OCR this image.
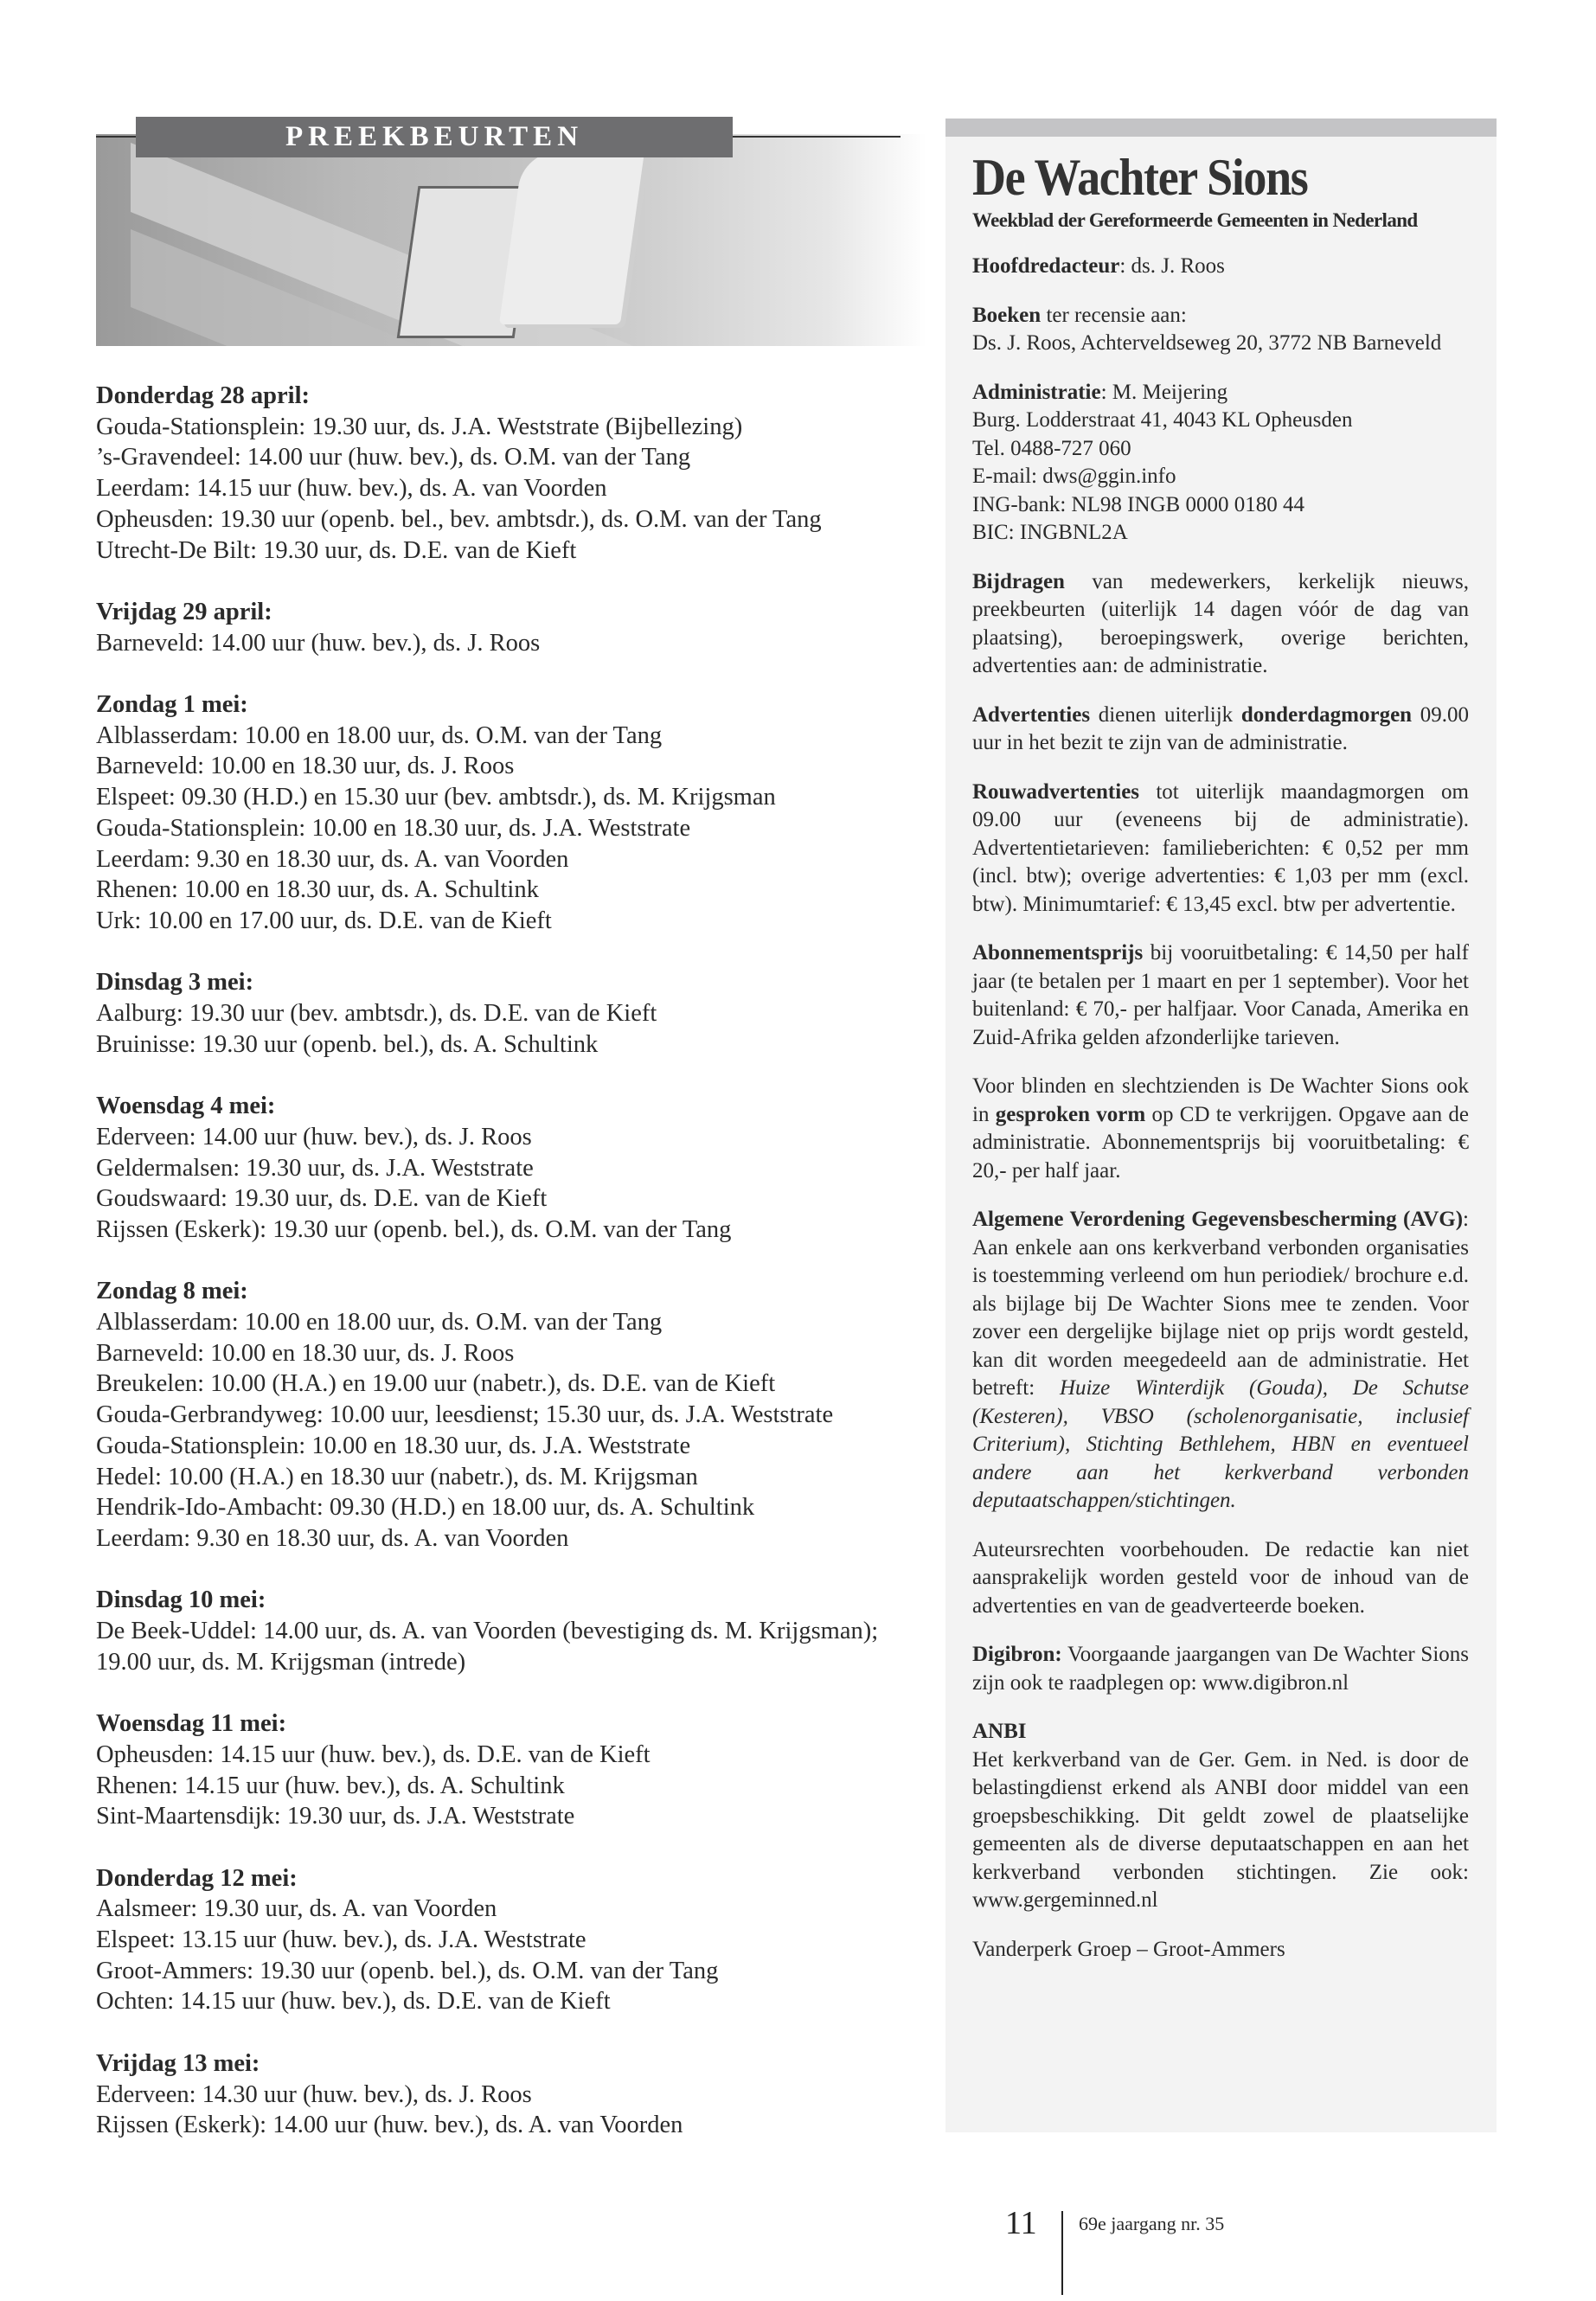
PREEKBEURTEN
Donderdag 28 april:
Gouda-Stationsplein: 19.30 uur, ds. J.A. Weststrate (Bijbellezing)
’s-Gravendeel: 14.00 uur (huw. bev.), ds. O.M. van der Tang
Leerdam: 14.15 uur (huw. bev.), ds. A. van Voorden
Opheusden: 19.30 uur (openb. bel., bev. ambtsdr.), ds. O.M. van der Tang
Utrecht-De Bilt: 19.30 uur, ds. D.E. van de Kieft
Vrijdag 29 april:
Barneveld: 14.00 uur (huw. bev.), ds. J. Roos
Zondag 1 mei:
Alblasserdam: 10.00 en 18.00 uur, ds. O.M. van der Tang
Barneveld: 10.00 en 18.30 uur, ds. J. Roos
Elspeet: 09.30 (H.D.) en 15.30 uur (bev. ambtsdr.), ds. M. Krijgsman
Gouda-Stationsplein: 10.00 en 18.30 uur, ds. J.A. Weststrate
Leerdam: 9.30 en 18.30 uur, ds. A. van Voorden
Rhenen: 10.00 en 18.30 uur, ds. A. Schultink
Urk: 10.00 en 17.00 uur, ds. D.E. van de Kieft
Dinsdag 3 mei:
Aalburg: 19.30 uur (bev. ambtsdr.), ds. D.E. van de Kieft
Bruinisse: 19.30 uur (openb. bel.), ds. A. Schultink
Woensdag 4 mei:
Ederveen: 14.00 uur (huw. bev.), ds. J. Roos
Geldermalsen: 19.30 uur, ds. J.A. Weststrate
Goudswaard: 19.30 uur, ds. D.E. van de Kieft
Rijssen (Eskerk): 19.30 uur (openb. bel.), ds. O.M. van der Tang
Zondag 8 mei:
Alblasserdam: 10.00 en 18.00 uur, ds. O.M. van der Tang
Barneveld: 10.00 en 18.30 uur, ds. J. Roos
Breukelen: 10.00 (H.A.) en 19.00 uur (nabetr.), ds. D.E. van de Kieft
Gouda-Gerbrandyweg: 10.00 uur, leesdienst; 15.30 uur, ds. J.A. Weststrate
Gouda-Stationsplein: 10.00 en 18.30 uur, ds. J.A. Weststrate
Hedel: 10.00 (H.A.) en 18.30 uur (nabetr.), ds. M. Krijgsman
Hendrik-Ido-Ambacht: 09.30 (H.D.) en 18.00 uur, ds. A. Schultink
Leerdam: 9.30 en 18.30 uur, ds. A. van Voorden
Dinsdag 10 mei:
De Beek-Uddel: 14.00 uur, ds. A. van Voorden (bevestiging ds. M. Krijgsman);
19.00 uur, ds. M. Krijgsman (intrede)
Woensdag 11 mei:
Opheusden: 14.15 uur (huw. bev.), ds. D.E. van de Kieft
Rhenen: 14.15 uur (huw. bev.), ds. A. Schultink
Sint-Maartensdijk: 19.30 uur, ds. J.A. Weststrate
Donderdag 12 mei:
Aalsmeer: 19.30 uur, ds. A. van Voorden
Elspeet: 13.15 uur (huw. bev.), ds. J.A. Weststrate
Groot-Ammers: 19.30 uur (openb. bel.), ds. O.M. van der Tang
Ochten: 14.15 uur (huw. bev.), ds. D.E. van de Kieft
Vrijdag 13 mei:
Ederveen: 14.30 uur (huw. bev.), ds. J. Roos
Rijssen (Eskerk): 14.00 uur (huw. bev.), ds. A. van Voorden
De Wachter Sions
Weekblad der Gereformeerde Gemeenten in Nederland
Hoofdredacteur: ds. J. Roos
Boeken ter recensie aan:
Ds. J. Roos, Achterveldseweg 20, 3772 NB Barneveld
Administratie: M. Meijering
Burg. Lodderstraat 41, 4043 KL Opheusden
Tel. 0488-727 060
E-mail: dws@ggin.info
ING-bank: NL98 INGB 0000 0180 44
BIC: INGBNL2A
Bijdragen van medewerkers, kerkelijk nieuws, preekbeurten (uiterlijk 14 dagen vóór de dag van plaatsing), beroepingswerk, overige berichten, advertenties aan: de administratie.
Advertenties dienen uiterlijk donderdagmorgen 09.00 uur in het bezit te zijn van de administratie.
Rouwadvertenties tot uiterlijk maandagmorgen om 09.00 uur (eveneens bij de administratie). Advertentietarieven: familieberichten: € 0,52 per mm (incl. btw); overige advertenties: € 1,03 per mm (excl. btw). Minimumtarief: € 13,45 excl. btw per advertentie.
Abonnementsprijs bij vooruitbetaling: € 14,50 per half jaar (te betalen per 1 maart en per 1 september). Voor het buitenland: € 70,- per halfjaar. Voor Canada, Amerika en Zuid-Afrika gelden afzonderlijke tarieven.
Voor blinden en slechtzienden is De Wachter Sions ook in gesproken vorm op CD te verkrijgen. Opgave aan de administratie. Abonnementsprijs bij vooruitbetaling: € 20,- per half jaar.
Algemene Verordening Gegevensbescherming (AVG): Aan enkele aan ons kerkverband verbonden organisaties is toestemming verleend om hun periodiek/ brochure e.d. als bijlage bij De Wachter Sions mee te zenden. Voor zover een dergelijke bijlage niet op prijs wordt gesteld, kan dit worden meegedeeld aan de administratie. Het betreft: Huize Winterdijk (Gouda), De Schutse (Kesteren), VBSO (scholenorganisatie, inclusief Criterium), Stichting Bethlehem, HBN en eventueel andere aan het kerkverband verbonden deputaatschappen/stichtingen.
Auteursrechten voorbehouden. De redactie kan niet aansprakelijk worden gesteld voor de inhoud van de advertenties en van de geadverteerde boeken.
Digibron: Voorgaande jaargangen van De Wachter Sions zijn ook te raadplegen op: www.digibron.nl
ANBI
Het kerkverband van de Ger. Gem. in Ned. is door de belastingdienst erkend als ANBI door middel van een groepsbeschikking. Dit geldt zowel de plaatselijke gemeenten als de diverse deputaatschappen en aan het kerkverband verbonden stichtingen. Zie ook: www.gergeminned.nl
Vanderperk Groep – Groot-Ammers
11 69e jaargang nr. 35
